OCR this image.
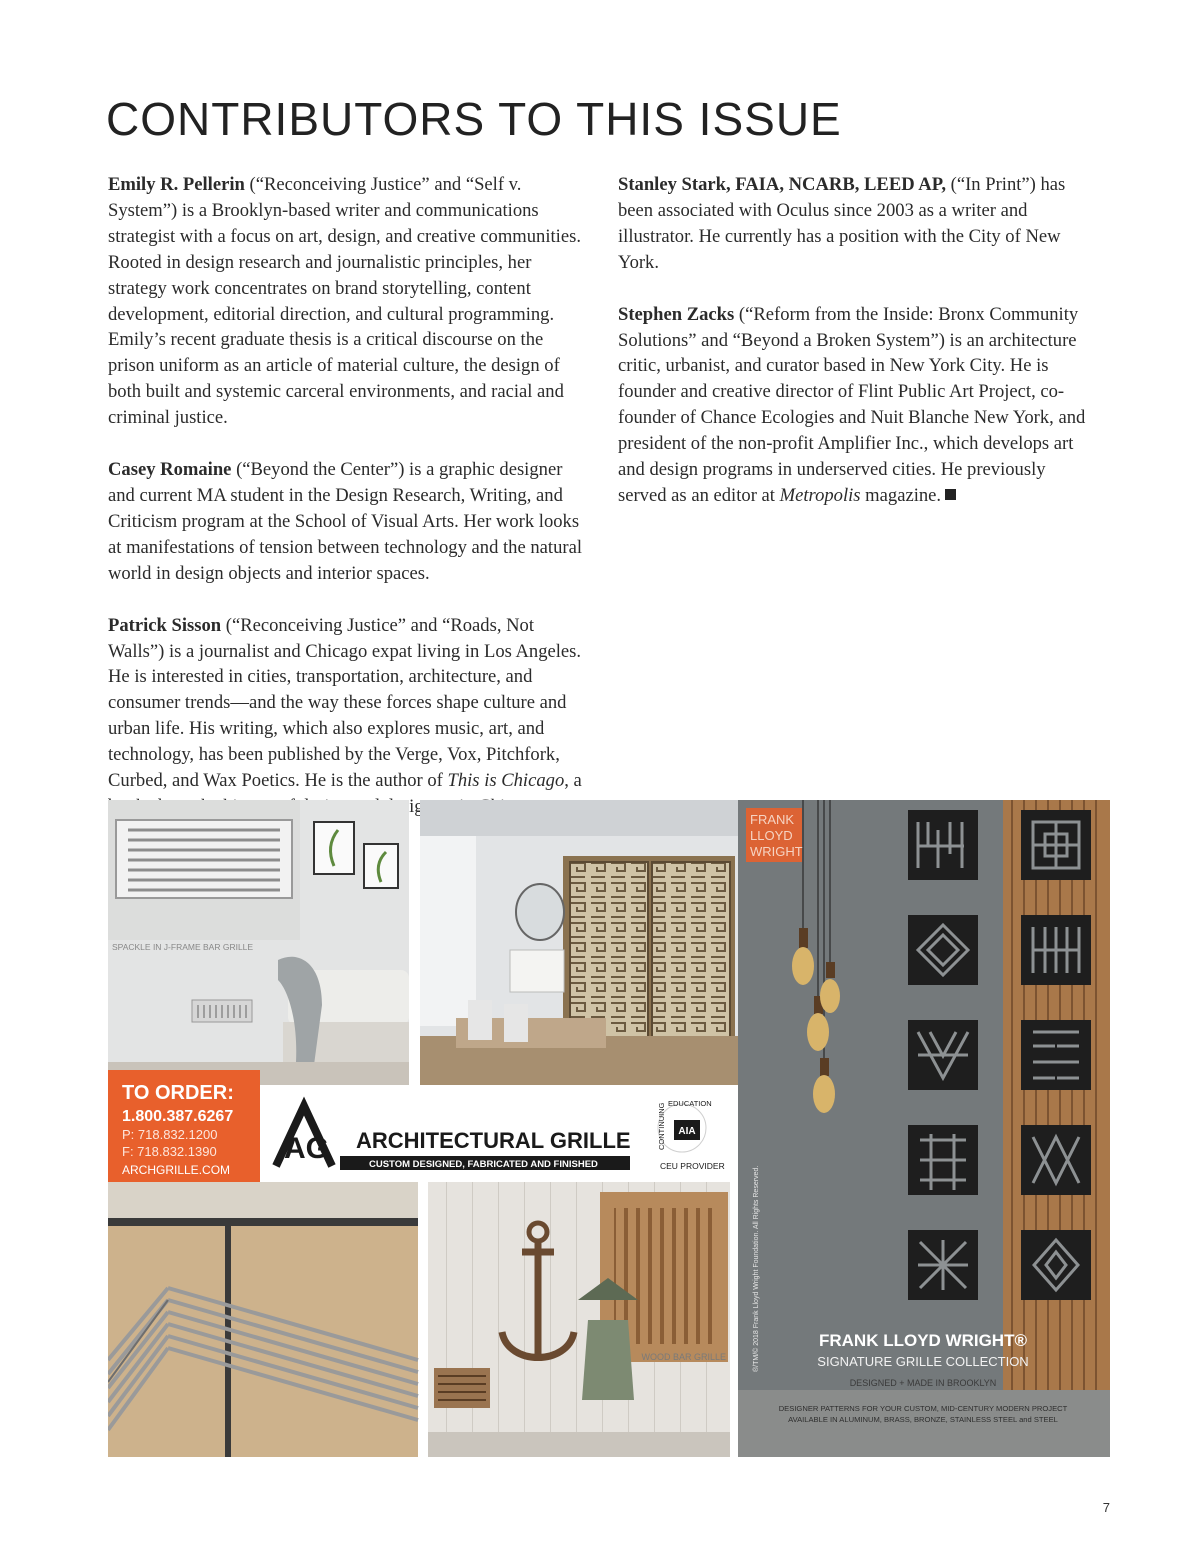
CONTRIBUTORS TO THIS ISSUE

Emily R. Pellerin (“Reconceiving Justice” and “Self v. System”) is a Brooklyn-based writer and communications strategist with a focus on art, design, and creative communities. Rooted in design research and journalistic principles, her strategy work concentrates on brand storytelling, content development, editorial direction, and cultural programming. Emily’s recent graduate thesis is a critical discourse on the prison uniform as an article of material culture, the design of both built and systemic carceral environments, and racial and criminal justice.

Casey Romaine (“Beyond the Center”) is a graphic designer and current MA student in the Design Research, Writing, and Criticism program at the School of Visual Arts. Her work looks at manifestations of tension between technology and the natural world in design objects and interior spaces.

Patrick Sisson (“Reconceiving Justice” and “Roads, Not Walls”) is a journalist and Chicago expat living in Los Angeles. He is interested in cities, transportation, architecture, and consumer trends—and the way these forces shape culture and urban life. His writing, which also explores music, art, and technology, has been published by the Verge, Vox, Pitchfork, Curbed, and Wax Poetics. He is the author of This is Chicago, a designers

Stanley Stark, FAIA, NCARB, LEED AP, (“In Print”) has been associated with Oculus since 2003 as a writer and illustrator. He currently has a position with the City of New York.

Stephen Zacks (“Reform from the Inside: Bronx Community Solutions” and “Beyond a Broken System”) is an architecture critic, urbanist, and curator based in New York City. He is founder and creative director of Flint Public Art Project, co-founder of Chance Ecologies and Nuit Blanche New York, and president of the non-profit Amplifier Inc., which develops art and design programs in underserved cities. He previously served as an editor at Metropolis magazine.

SPACKLE IN J-FRAME BAR GRILLE
FRANK
LLOYD
WRIGHT
®/TM/© 2018 Frank Lloyd Wright Foundation. All Rights Reserved.	FRANK LLOYD WRIGHT®
SIGNATURE GRILLE COLLECTION
DESIGNED + MADE IN BROOKLYN
DESIGNER PATTERNS FOR YOUR CUSTOM, MID-CENTURY MODERN PROJECT
AVAILABLE IN ALUMINUM, BRASS, BRONZE, STAINLESS STEEL and STEEL
WOOD BAR GRILLE
TO ORDER:
1.800.387.6267
P: 718.832.1200
F: 718.832.1390
ARCHGRILLE.COM
AG ARCHITECTURAL GRILLE
CUSTOM DESIGNED, FABRICATED AND FINISHED
EDUCATION
CONTINUING AIA
CEU PROVIDER
7
